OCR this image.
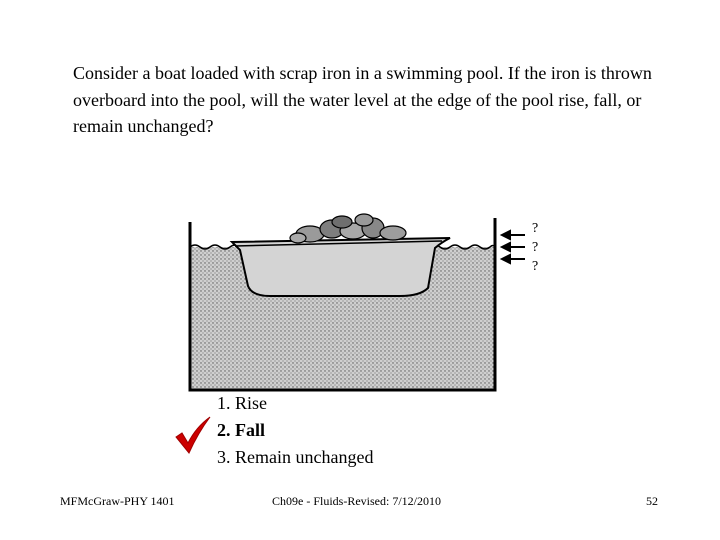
Consider a boat loaded with scrap iron in a swimming pool. If the iron is thrown overboard into the pool, will the water level at the edge of the pool rise, fall, or remain unchanged?

?
?
?
1. Rise
2. Fall
3. Remain unchanged
MFMcGraw-PHY 1401	Ch09e - Fluids-Revised: 7/12/2010	52
